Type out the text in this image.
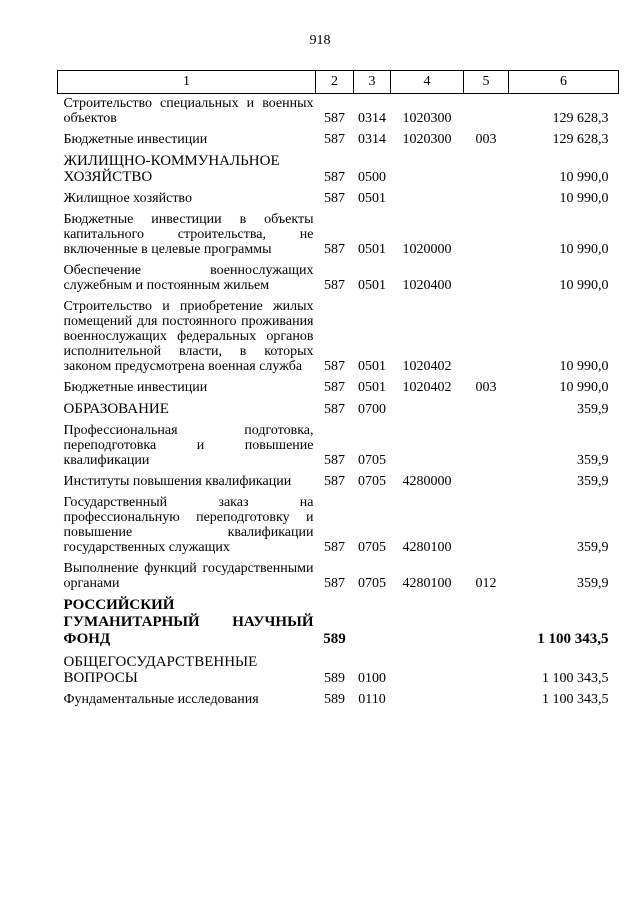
918
1	2	3	4	5	6

Строительство специальных и военных объектов	587	0314	1020300		129 628,3

Бюджетные инвестиции	587	0314	1020300	003	129 628,3

ЖИЛИЩНО-КОММУНАЛЬНОЕ ХОЗЯЙСТВО	587	0500			10 990,0

Жилищное хозяйство	587	0501			10 990,0

Бюджетные инвестиции в объекты капитального строительства, не включенные в целевые программы	587	0501	1020000		10 990,0

Обеспечение военнослужащих служебным и постоянным жильем	587	0501	1020400		10 990,0

Строительство и приобретение жилых помещений для постоянного проживания военнослужащих федеральных органов исполнительной власти, в которых законом предусмотрена военная служба	587	0501	1020402		10 990,0

Бюджетные инвестиции	587	0501	1020402	003	10 990,0

ОБРАЗОВАНИЕ	587	0700			359,9

Профессиональная подготовка, переподготовка и повышение квалификации	587	0705			359,9

Институты повышения квалификации	587	0705	4280000		359,9

Государственный заказ на профессиональную переподготовку и повышение квалификации государственных служащих	587	0705	4280100		359,9

Выполнение функций государственными органами	587	0705	4280100	012	359,9

РОССИЙСКИЙ ГУМАНИТАРНЫЙ НАУЧНЫЙ ФОНД	589				1 100 343,5

ОБЩЕГОСУДАРСТВЕННЫЕ ВОПРОСЫ	589	0100			1 100 343,5

Фундаментальные исследования	589	0110			1 100 343,5
